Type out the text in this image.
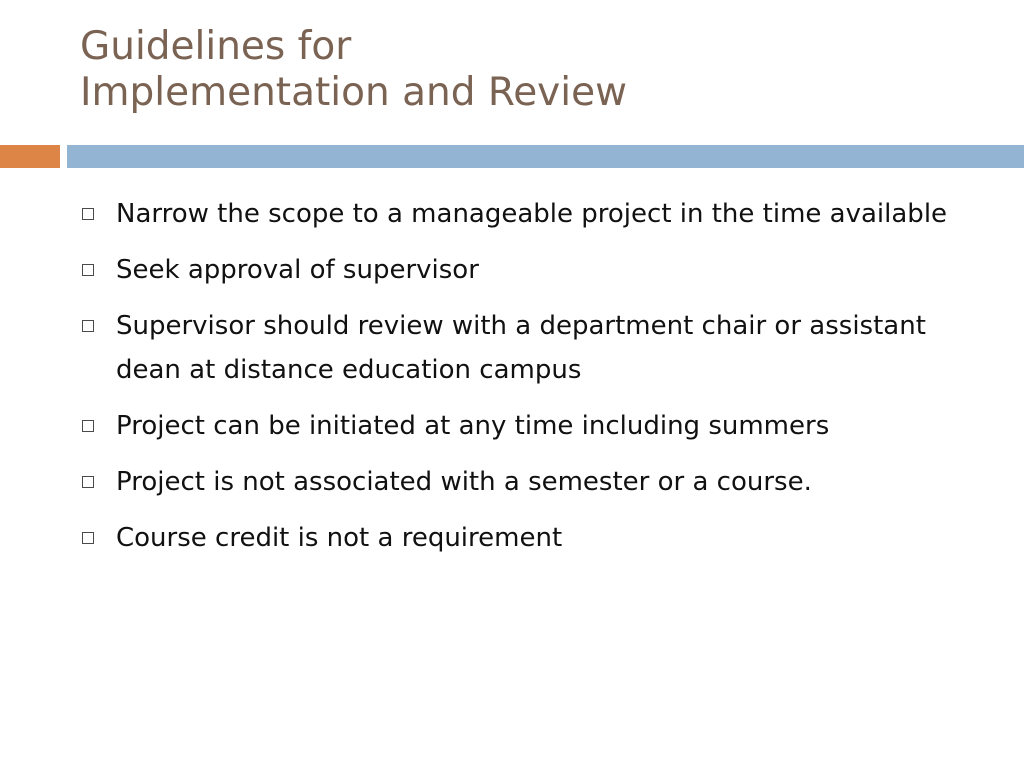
Guidelines for
Implementation and Review
Narrow the scope to a manageable project in the time available
Seek approval of supervisor
Supervisor should review with a department chair or assistant dean at distance education campus
Project can be initiated at any time including summers
Project is not associated with a semester or a course.
Course credit is not a requirement
